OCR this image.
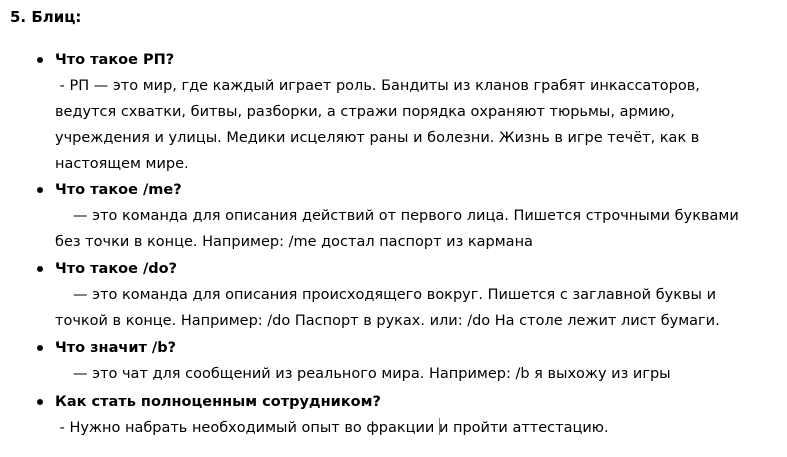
5. Блиц:

Что такое РП?

- РП — это мир, где каждый играет роль. Бандиты из кланов грабят инкассаторов,

ведутся схватки, битвы, разборки, а стражи порядка охраняют тюрьмы, армию,

учреждения и улицы. Медики исцеляют раны и болезни. Жизнь в игре течёт, как в

настоящем мире.

Что такое /me?

— это команда для описания действий от первого лица. Пишется строчными буквами

без точки в конце. Например: /me достал паспорт из кармана

Что такое /do?

— это команда для описания происходящего вокруг. Пишется с заглавной буквы и

точкой в конце. Например: /do Паспорт в руках. или: /do На столе лежит лист бумаги.

Что значит /b?

— это чат для сообщений из реального мира. Например: /b я выхожу из игры

Как стать полноценным сотрудником?

- Нужно набрать необходимый опыт во фракции и пройти аттестацию.
